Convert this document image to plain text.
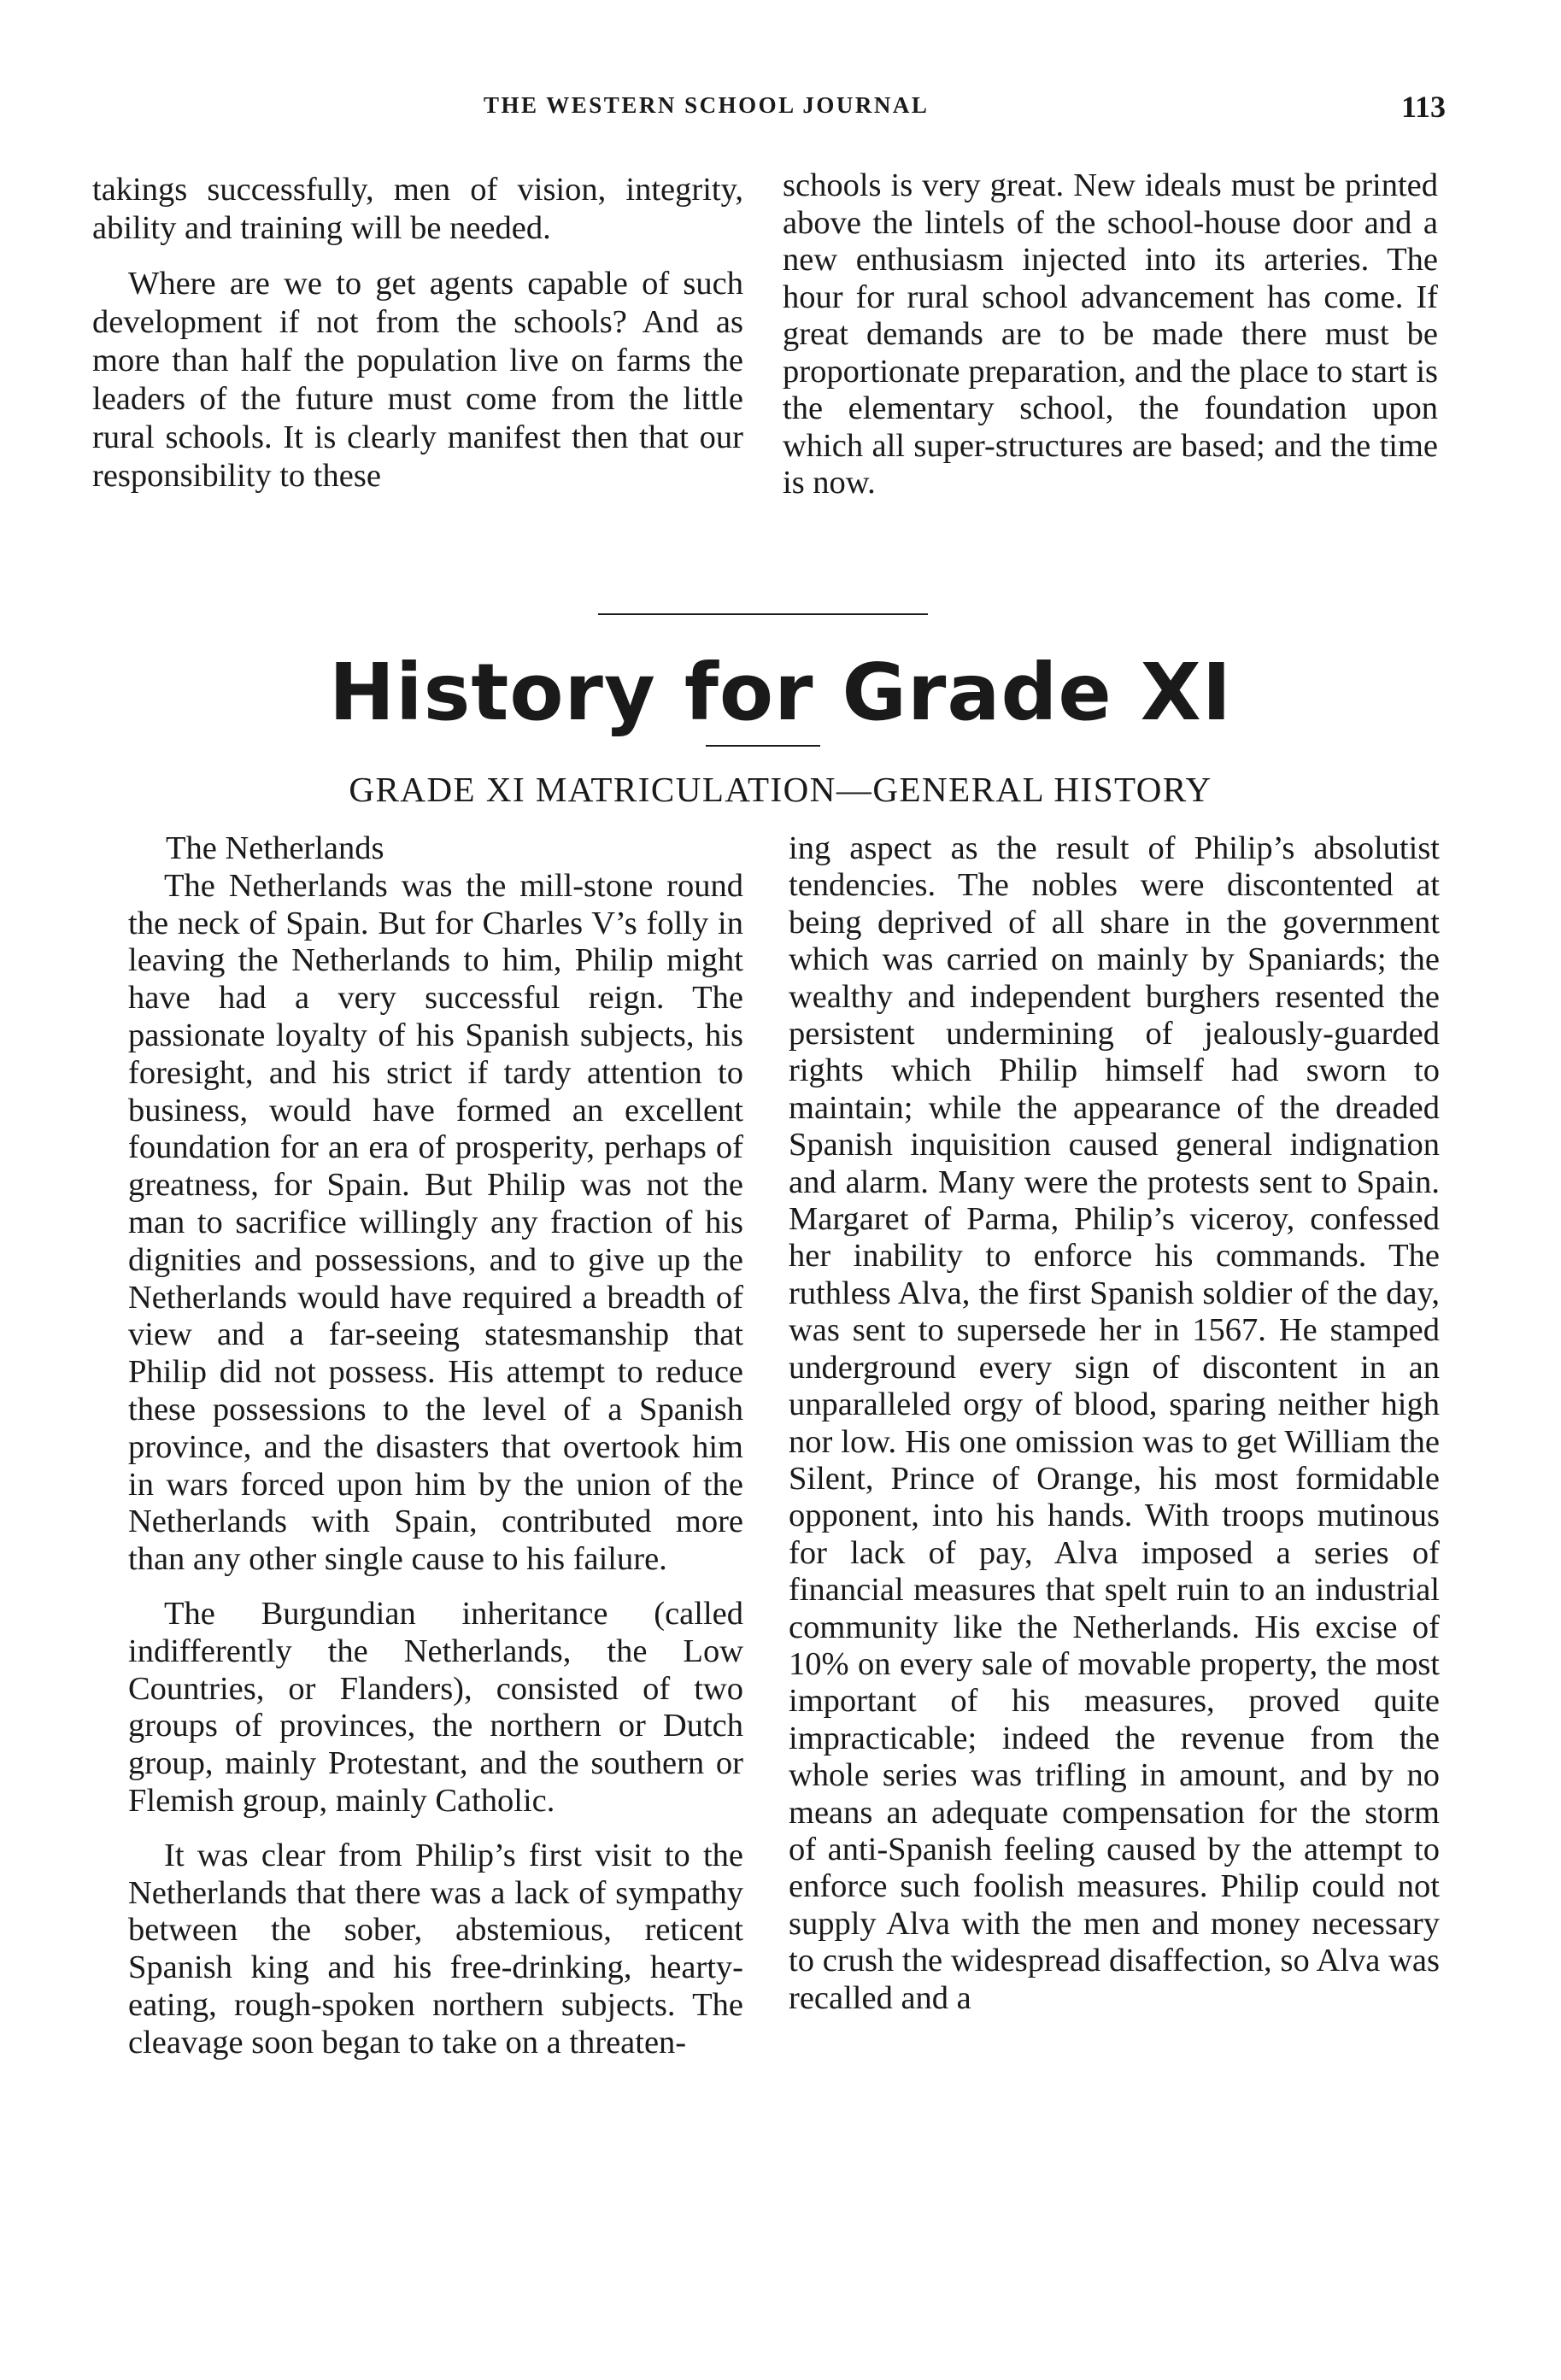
THE WESTERN SCHOOL JOURNAL	113

takings successfully, men of vision, integrity, ability and training will be needed.

Where are we to get agents capable of such development if not from the schools? And as more than half the population live on farms the leaders of the future must come from the little rural schools. It is clearly manifest then that our responsibility to these

schools is very great. New ideals must be printed above the lintels of the school-house door and a new enthusiasm injected into its arteries. The hour for rural school advancement has come. If great demands are to be made there must be proportionate preparation, and the place to start is the elementary school, the foundation upon which all super-structures are based; and the time is now.

History for Grade XI
GRADE XI MATRICULATION—GENERAL HISTORY
The Netherlands

The Netherlands was the mill-stone round the neck of Spain. But for Charles V’s folly in leaving the Netherlands to him, Philip might have had a very successful reign. The passionate loyalty of his Spanish subjects, his foresight, and his strict if tardy attention to business, would have formed an excellent foundation for an era of prosperity, perhaps of greatness, for Spain. But Philip was not the man to sacrifice willingly any fraction of his dignities and possessions, and to give up the Netherlands would have required a breadth of view and a far-seeing statesmanship that Philip did not possess. His attempt to reduce these possessions to the level of a Spanish province, and the disasters that overtook him in wars forced upon him by the union of the Netherlands with Spain, contributed more than any other single cause to his failure.

The Burgundian inheritance (called indifferently the Netherlands, the Low Countries, or Flanders), consisted of two groups of provinces, the northern or Dutch group, mainly Protestant, and the southern or Flemish group, mainly Catholic.

It was clear from Philip’s first visit to the Netherlands that there was a lack of sympathy between the sober, abstemious, reticent Spanish king and his free-drinking, hearty-eating, rough-spoken northern subjects. The cleavage soon began to take on a threaten-

ing aspect as the result of Philip’s absolutist tendencies. The nobles were discontented at being deprived of all share in the government which was carried on mainly by Spaniards; the wealthy and independent burghers resented the persistent undermining of jealously-guarded rights which Philip himself had sworn to maintain; while the appearance of the dreaded Spanish inquisition caused general indignation and alarm. Many were the protests sent to Spain. Margaret of Parma, Philip’s viceroy, confessed her inability to enforce his commands. The ruthless Alva, the first Spanish soldier of the day, was sent to supersede her in 1567. He stamped underground every sign of discontent in an unparalleled orgy of blood, sparing neither high nor low. His one omission was to get William the Silent, Prince of Orange, his most formidable opponent, into his hands. With troops mutinous for lack of pay, Alva imposed a series of financial measures that spelt ruin to an industrial community like the Netherlands. His excise of 10% on every sale of movable property, the most important of his measures, proved quite impracticable; indeed the revenue from the whole series was trifling in amount, and by no means an adequate compensation for the storm of anti-Spanish feeling caused by the attempt to enforce such foolish measures. Philip could not supply Alva with the men and money necessary to crush the widespread disaffection, so Alva was recalled and a
